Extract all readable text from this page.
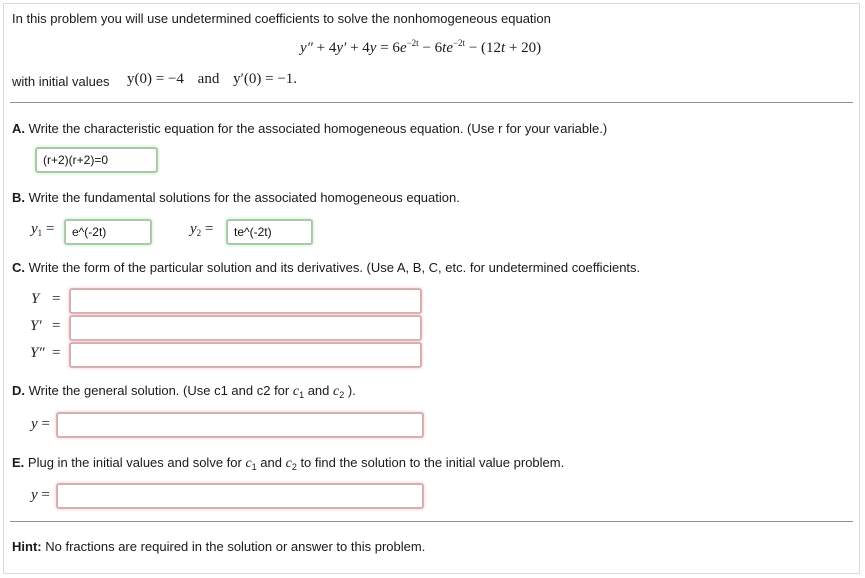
In this problem you will use undetermined coefficients to solve the nonhomogeneous equation
$y'' + 4y' + 4y = 6e^{-2t} - 6te^{-2t} - (12t + 20)$
with initial values y(0) = −4 and y′(0) = −1.
A. Write the characteristic equation for the associated homogeneous equation. (Use r for your variable.)
(r+2)(r+2)=0
B. Write the fundamental solutions for the associated homogeneous equation.
$y_1$ =
e^(-2t)	$y_2$ =
te^(-2t)
C. Write the form of the particular solution and its derivatives. (Use A, B, C, etc. for undetermined coefficients.
Y =
Y′ =
Y″ =
D. Write the general solution. (Use c1 and c2 for $c_1$ and $c_2$ ).
y =
E. Plug in the initial values and solve for $c_1$ and $c_2$ to find the solution to the initial value problem.
y =
Hint: No fractions are required in the solution or answer to this problem.
